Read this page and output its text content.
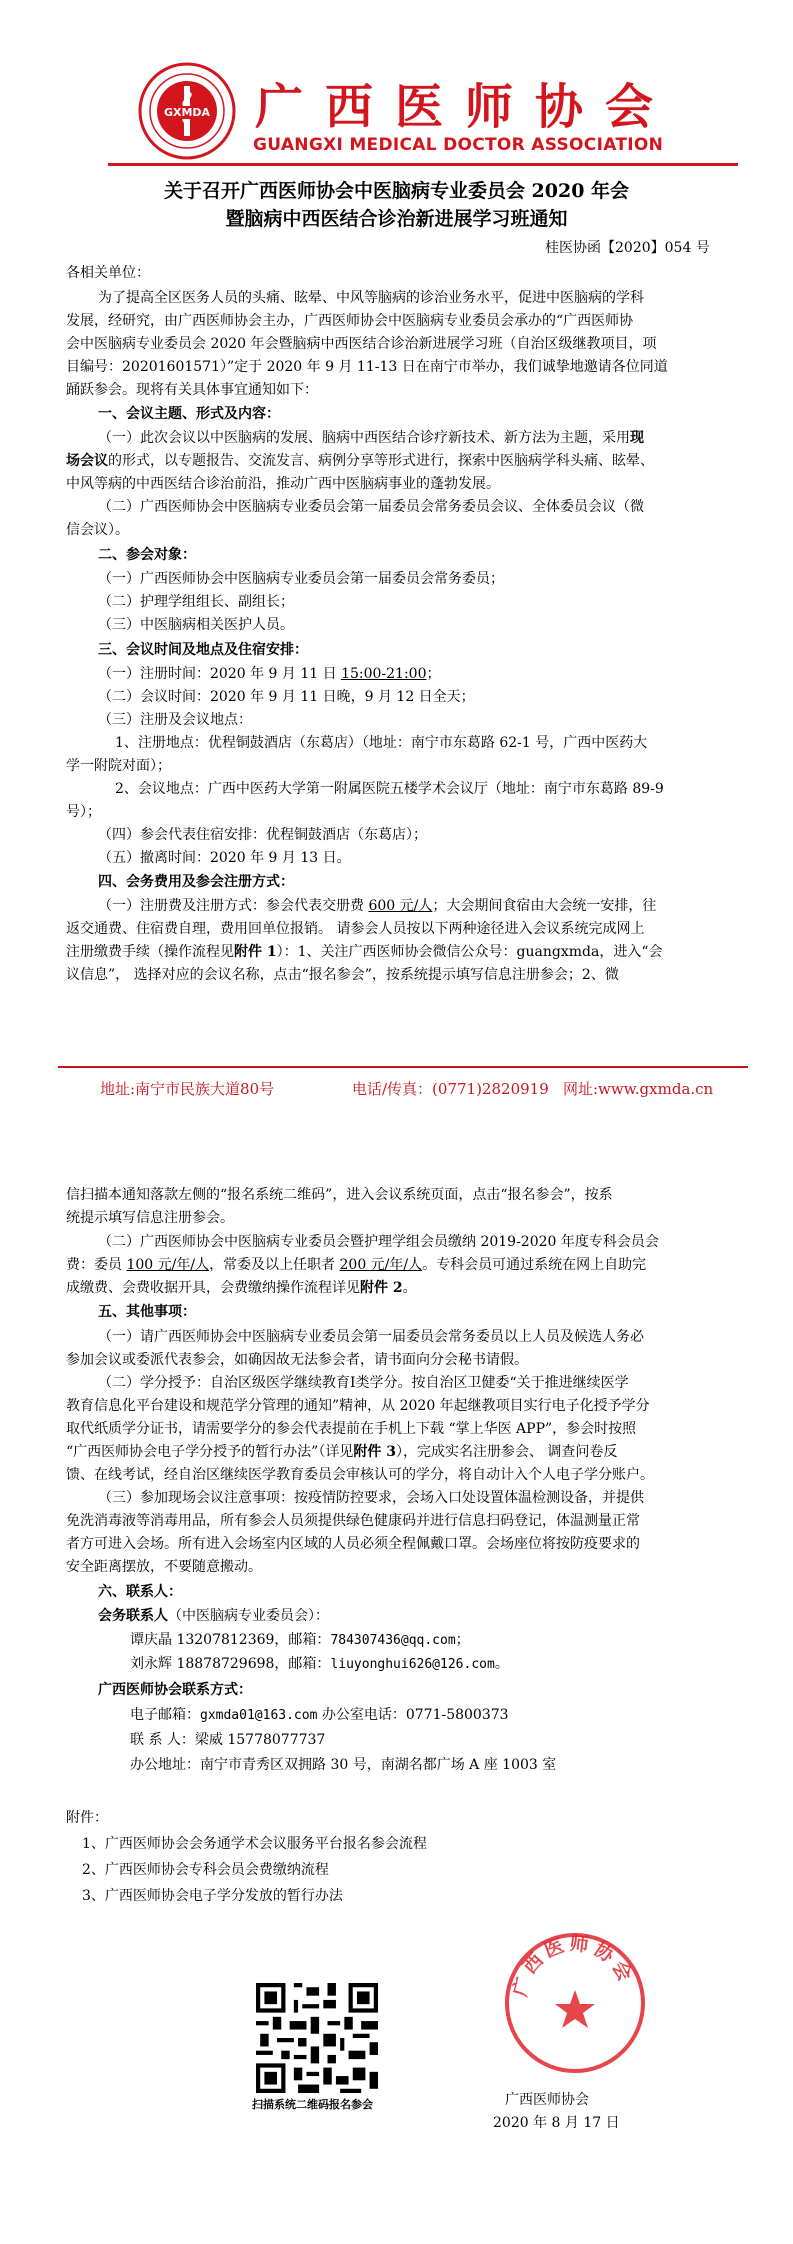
GXMDA 广西医师协会
GUANGXI MEDICAL DOCTOR ASSOCIATION
关于召开广西医师协会中医脑病专业委员会 2020 年会
暨脑病中西医结合诊治新进展学习班通知
桂医协函【2020】054 号
各相关单位：
为了提高全区医务人员的头痛、眩晕、中风等脑病的诊治业务水平，促进中医脑病的学科
发展，经研究，由广西医师协会主办，广西医师协会中医脑病专业委员会承办的“广西医师协
会中医脑病专业委员会 2020 年会暨脑病中西医结合诊治新进展学习班（自治区级继教项目，项
目编号：20201601571）”定于 2020 年 9 月 11-13 日在南宁市举办，我们诚挚地邀请各位同道
踊跃参会。现将有关具体事宜通知如下：
一、会议主题、形式及内容：
（一）此次会议以中医脑病的发展、脑病中西医结合诊疗新技术、新方法为主题，采用现
场会议的形式，以专题报告、交流发言、病例分享等形式进行，探索中医脑病学科头痛、眩晕、
中风等病的中西医结合诊治前沿，推动广西中医脑病事业的蓬勃发展。
（二）广西医师协会中医脑病专业委员会第一届委员会常务委员会议、全体委员会议（微
信会议）。
二、参会对象：
（一）广西医师协会中医脑病专业委员会第一届委员会常务委员；
（二）护理学组组长、副组长；
（三）中医脑病相关医护人员。
三、会议时间及地点及住宿安排：
（一）注册时间：2020 年 9 月 11 日 15:00-21:00；
（二）会议时间：2020 年 9 月 11 日晚，9 月 12 日全天；
（三）注册及会议地点：
1、注册地点：优程铜鼓酒店（东葛店）（地址：南宁市东葛路 62-1 号，广西中医药大
学一附院对面）；
2、会议地点：广西中医药大学第一附属医院五楼学术会议厅（地址：南宁市东葛路 89-9
号）；
（四）参会代表住宿安排：优程铜鼓酒店（东葛店）；
（五）撤离时间：2020 年 9 月 13 日。
四、会务费用及参会注册方式：
（一）注册费及注册方式：参会代表交册费 600 元/人；大会期间食宿由大会统一安排，往
返交通费、住宿费自理，费用回单位报销。 请参会人员按以下两种途径进入会议系统完成网上
注册缴费手续（操作流程见附件 1）：1、关注广西医师协会微信公众号：guangxmda，进入“会
议信息”， 选择对应的会议名称，点击“报名参会”，按系统提示填写信息注册参会；2、微
地址:南宁市民族大道80号	电话/传真：(0771)2820919 网址:www.gxmda.cn
信扫描本通知落款左侧的“报名系统二维码”，进入会议系统页面，点击“报名参会”，按系
统提示填写信息注册参会。
（二）广西医师协会中医脑病专业委员会暨护理学组会员缴纳 2019-2020 年度专科会员会
费：委员 100 元/年/人，常委及以上任职者 200 元/年/人。专科会员可通过系统在网上自助完
成缴费、会费收据开具，会费缴纳操作流程详见附件 2。
五、其他事项：
（一）请广西医师协会中医脑病专业委员会第一届委员会常务委员以上人员及候选人务必
参加会议或委派代表参会，如确因故无法参会者，请书面向分会秘书请假。
（二）学分授予：自治区级医学继续教育Ⅰ类学分。按自治区卫健委“关于推进继续医学
教育信息化平台建设和规范学分管理的通知”精神，从 2020 年起继教项目实行电子化授予学分
取代纸质学分证书，请需要学分的参会代表提前在手机上下载 “掌上华医 APP”，参会时按照
“广西医师协会电子学分授予的暂行办法”（详见附件 3），完成实名注册参会、 调查问卷反
馈、在线考试，经自治区继续医学教育委员会审核认可的学分，将自动计入个人电子学分账户。
（三）参加现场会议注意事项：按疫情防控要求，会场入口处设置体温检测设备，并提供
免洗消毒液等消毒用品，所有参会人员须提供绿色健康码并进行信息扫码登记，体温测量正常
者方可进入会场。所有进入会场室内区域的人员必须全程佩戴口罩。会场座位将按防疫要求的
安全距离摆放，不要随意搬动。
六、联系人：
会务联系人（中医脑病专业委员会）：
谭庆晶 13207812369，邮箱：784307436@qq.com；
刘永辉 18878729698，邮箱：liuyonghui626@126.com。
广西医师协会联系方式：
电子邮箱：gxmda01@163.com 办公室电话：0771-5800373
联 系 人：梁威 15778077737
办公地址：南宁市青秀区双拥路 30 号，南湖名都广场 A 座 1003 室
附件：
1、广西医师协会会务通学术会议服务平台报名参会流程
2、广西医师协会专科会员会费缴纳流程
3、广西医师协会电子学分发放的暂行办法
扫描系统二维码报名参会
广西医师协会
广西医师协会
2020 年 8 月 17 日
